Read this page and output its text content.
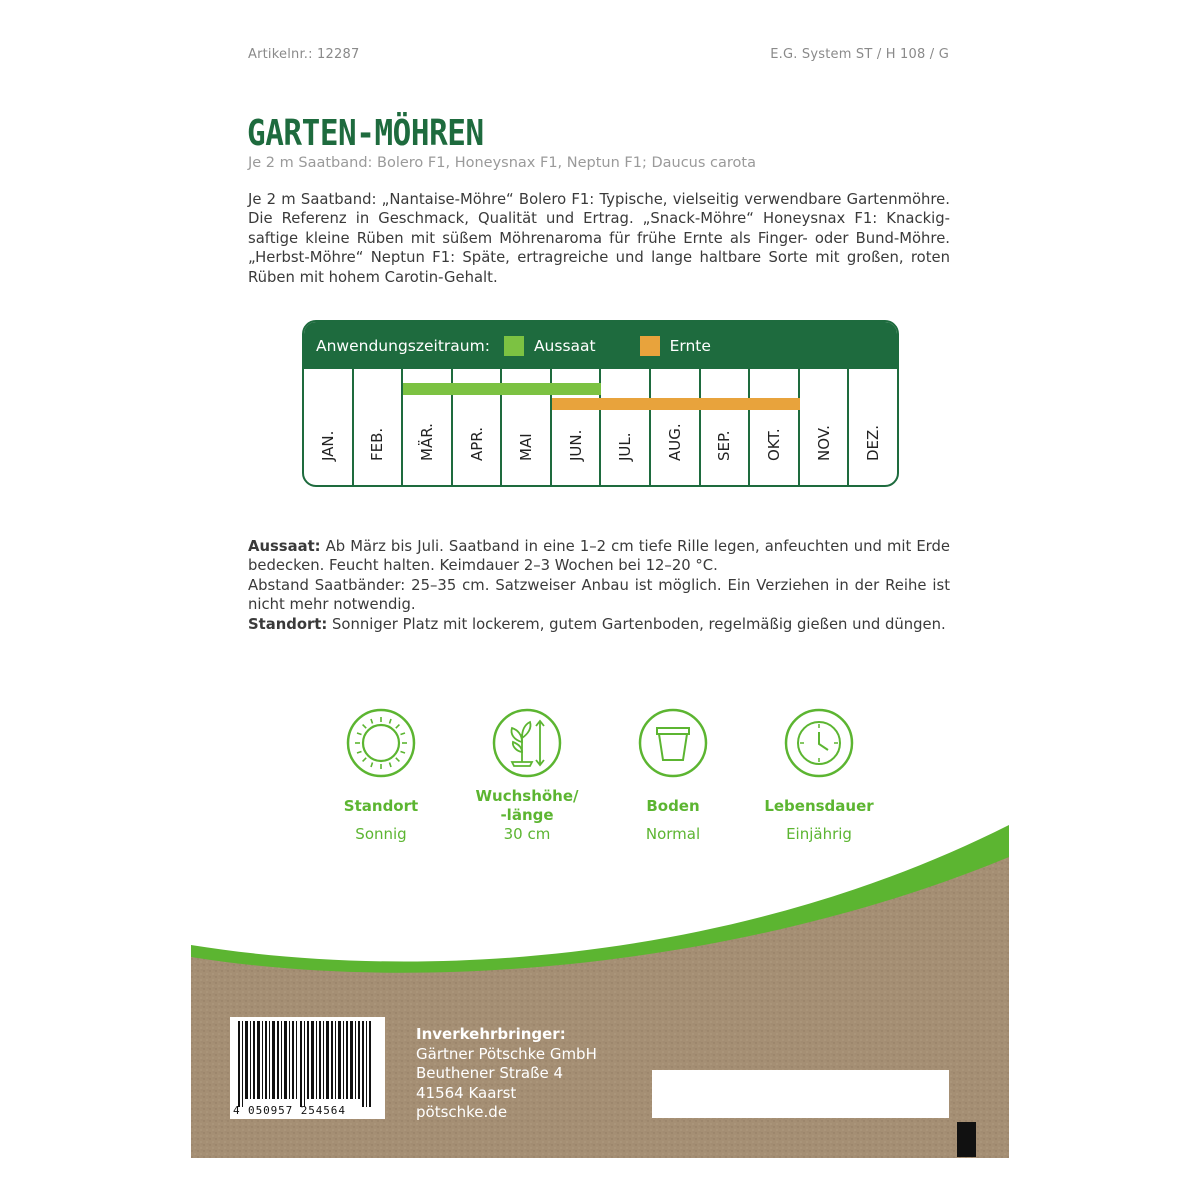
Artikelnr.: 12287	E.G. System ST / H 108 / G
GARTEN-MÖHREN
Je 2 m Saatband: Bolero F1, Honeysnax F1, Neptun F1; Daucus carota
Je 2 m Saatband: „Nantaise-Möhre“ Bolero F1: Typische, vielseitig verwendbare Gartenmöhre. Die Referenz in Geschmack, Qualität und Ertrag. „Snack-Möhre“ Honeysnax F1: Knackig-saftige kleine Rüben mit süßem Möhrenaroma für frühe Ernte als Finger- oder Bund-Möhre. „Herbst-Möhre“ Neptun F1: Späte, ertragreiche und lange haltbare Sorte mit großen, roten Rüben mit hohem Carotin-Gehalt.
Anwendungszeitraum:	Aussaat	Ernte
JAN. FEB. MÄR. APR. MAI JUN. JUL. AUG. SEP. OKT. NOV. DEZ.
Aussaat: Ab März bis Juli. Saatband in eine 1–2 cm tiefe Rille legen, anfeuchten und mit Erde bedecken. Feucht halten. Keimdauer 2–3 Wochen bei 12–20 °C.
Abstand Saatbänder: 25–35 cm. Satzweiser Anbau ist möglich. Ein Verziehen in der Reihe ist nicht mehr notwendig.
Standort: Sonniger Platz mit lockerem, gutem Gartenboden, regelmäßig gießen und düngen.
Standort
Sonnig
Wuchshöhe/
-länge
30 cm
Boden
Normal
Lebensdauer
Einjährig
4 050957 254564
Inverkehrbringer:
Gärtner Pötschke GmbH
Beuthener Straße 4
41564 Kaarst
pötschke.de
